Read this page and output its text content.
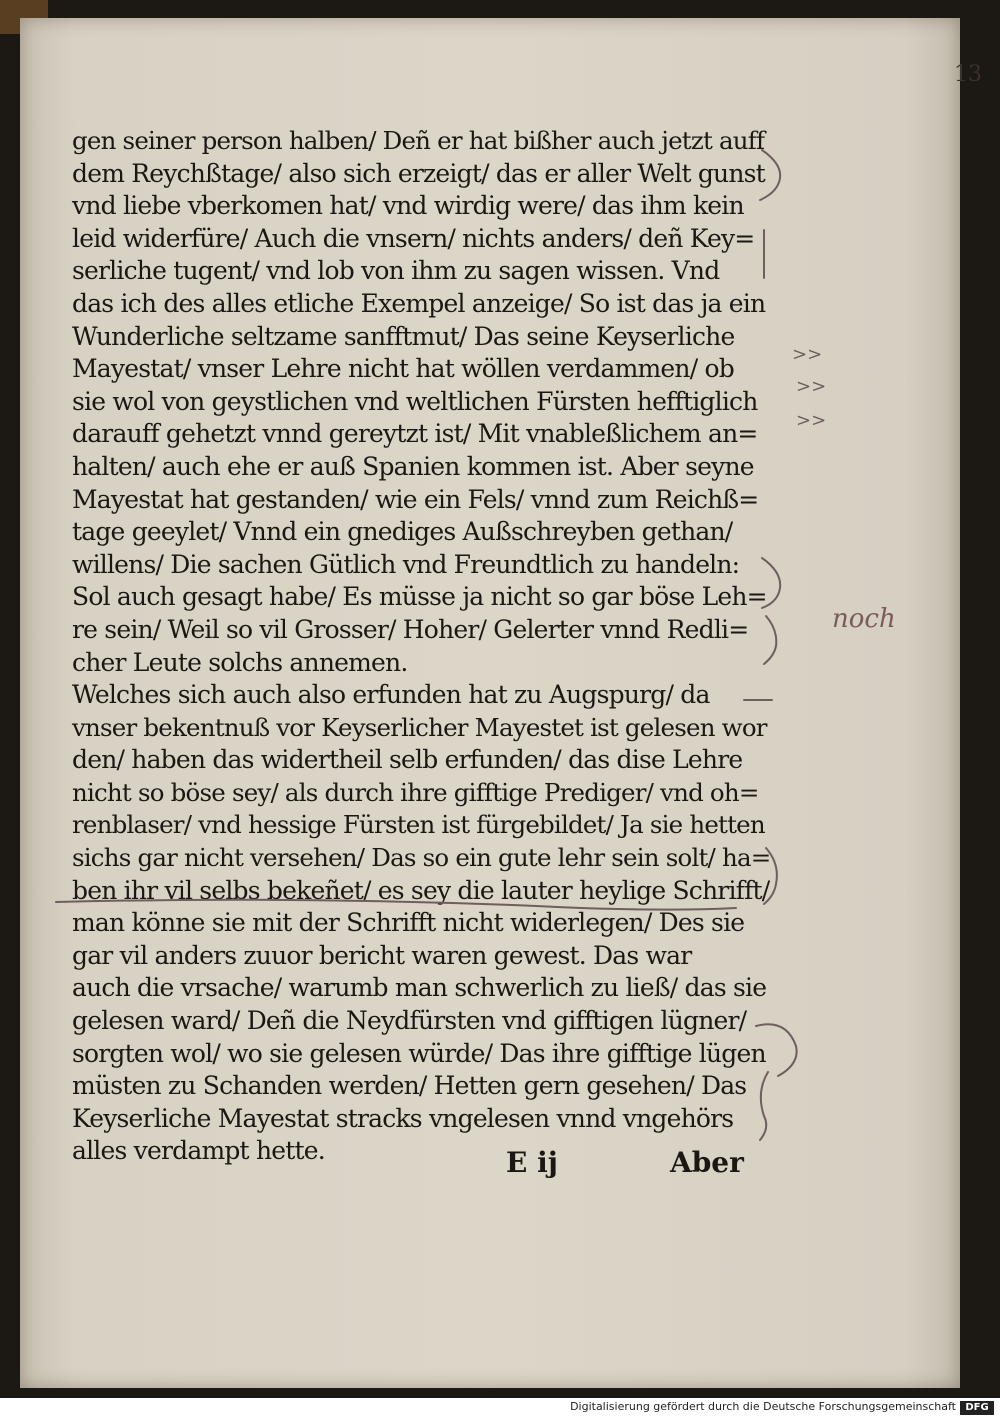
13
gen seiner person halben/ Deñ er hat bißher auch jetzt auff
dem Reychßtage/ also sich erzeigt/ das er aller Welt gunst
vnd liebe vberkomen hat/ vnd wirdig were/ das ihm kein
leid widerfüre/ Auch die vnsern/ nichts anders/ deñ Key=
serliche tugent/ vnd lob von ihm zu sagen wissen. Vnd
das ich des alles etliche Exempel anzeige/ So ist das ja ein
Wunderliche seltzame sanfftmut/ Das seine Keyserliche
Mayestat/ vnser Lehre nicht hat wöllen verdammen/ ob
sie wol von geystlichen vnd weltlichen Fürsten hefftiglich
darauff gehetzt vnnd gereytzt ist/ Mit vnableßlichem an=
halten/ auch ehe er auß Spanien kommen ist. Aber seyne
Mayestat hat gestanden/ wie ein Fels/ vnnd zum Reichß=
tage geeylet/ Vnnd ein gnediges Außschreyben gethan/
willens/ Die sachen Gütlich vnd Freundtlich zu handeln:
Sol auch gesagt habe/ Es müsse ja nicht so gar böse Leh=
re sein/ Weil so vil Grosser/ Hoher/ Gelerter vnnd Redli=
cher Leute solchs annemen.
Welches sich auch also erfunden hat zu Augspurg/ da
vnser bekentnuß vor Keyserlicher Mayestet ist gelesen wor
den/ haben das widertheil selb erfunden/ das dise Lehre
nicht so böse sey/ als durch ihre gifftige Prediger/ vnd oh=
renblaser/ vnd hessige Fürsten ist fürgebildet/ Ja sie hetten
sichs gar nicht versehen/ Das so ein gute lehr sein solt/ ha=
ben ihr vil selbs bekeñet/ es sey die lauter heylige Schrifft/
man könne sie mit der Schrifft nicht widerlegen/ Des sie
gar vil anders zuuor bericht waren gewest. Das war
auch die vrsache/ warumb man schwerlich zu ließ/ das sie
gelesen ward/ Deñ die Neydfürsten vnd gifftigen lügner/
sorgten wol/ wo sie gelesen würde/ Das ihre gifftige lügen
müsten zu Schanden werden/ Hetten gern gesehen/ Das
Keyserliche Mayestat stracks vngelesen vnnd vngehörs
alles verdampt hette.	E ij	Aber
noch
>>
>>
>>
Digitalisierung gefördert durch die Deutsche Forschungsgemeinschaft DFG
